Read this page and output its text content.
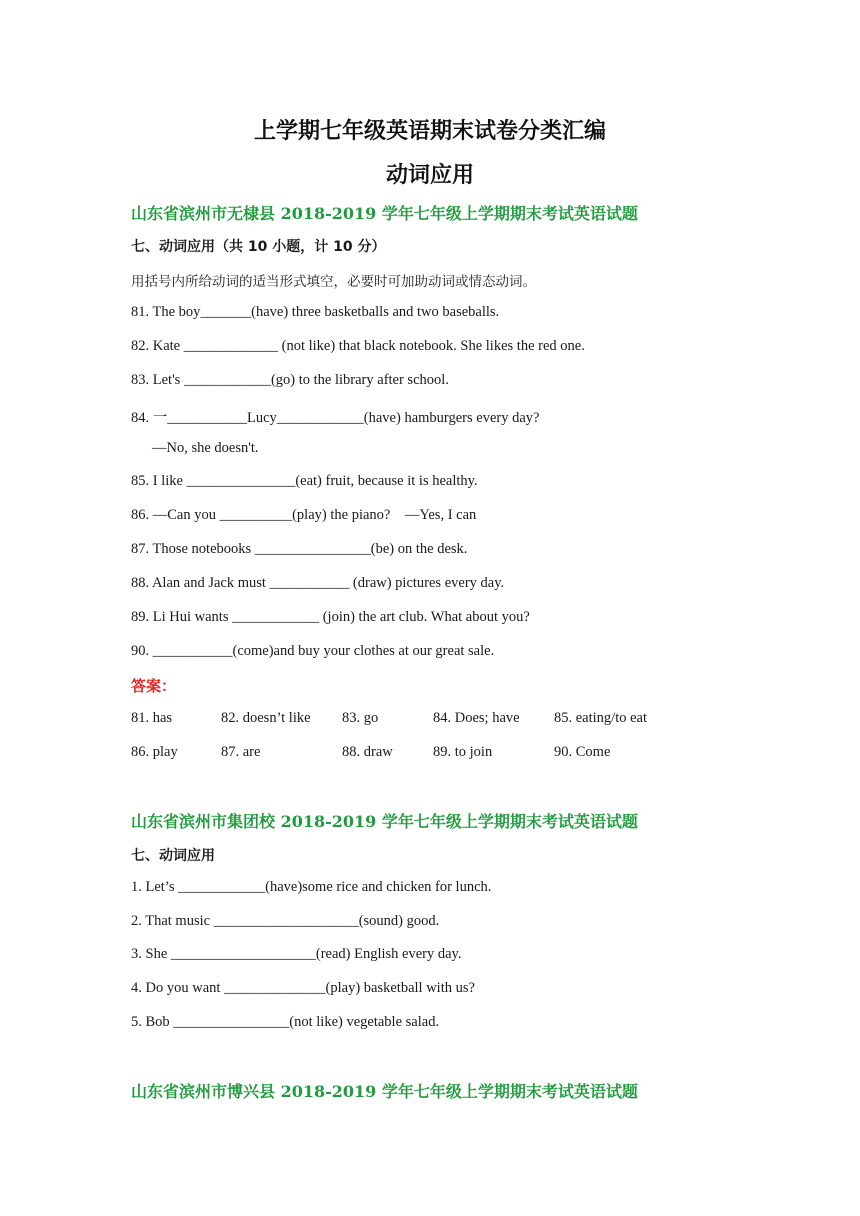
上学期七年级英语期末试卷分类汇编
动词应用
山东省滨州市无棣县 2018-2019 学年七年级上学期期末考试英语试题
七、动词应用（共 10 小题，计 10 分）
用括号内所给动词的适当形式填空，必要时可加助动词或情态动词。
81. The boy_______(have) three basketballs and two baseballs.
82. Kate _____________ (not like) that black notebook. She likes the red one.
83. Let's ____________(go) to the library after school.
84. 一___________Lucy____________(have) hamburgers every day?
—No, she doesn't.
85. I like _______________(eat) fruit, because it is healthy.
86. —Can you __________(play) the piano?    —Yes, I can
87. Those notebooks ________________(be) on the desk.
88. Alan and Jack must ___________ (draw) pictures every day.
89. Li Hui wants ____________ (join) the art club. What about you?
90. ___________(come)and buy your clothes at our great sale.
答案：
81. has	82. doesn’t like 83. go	84. Does; have 85. eating/to eat
86. play	87. are	88. draw	89. to join	90. Come
山东省滨州市集团校 2018-2019 学年七年级上学期期末考试英语试题
七、动词应用
1. Let’s ____________(have)some rice and chicken for lunch.
2. That music ____________________(sound) good.
3. She ____________________(read) English every day.
4. Do you want ______________(play) basketball with us?
5. Bob ________________(not like) vegetable salad.
山东省滨州市博兴县 2018-2019 学年七年级上学期期末考试英语试题
